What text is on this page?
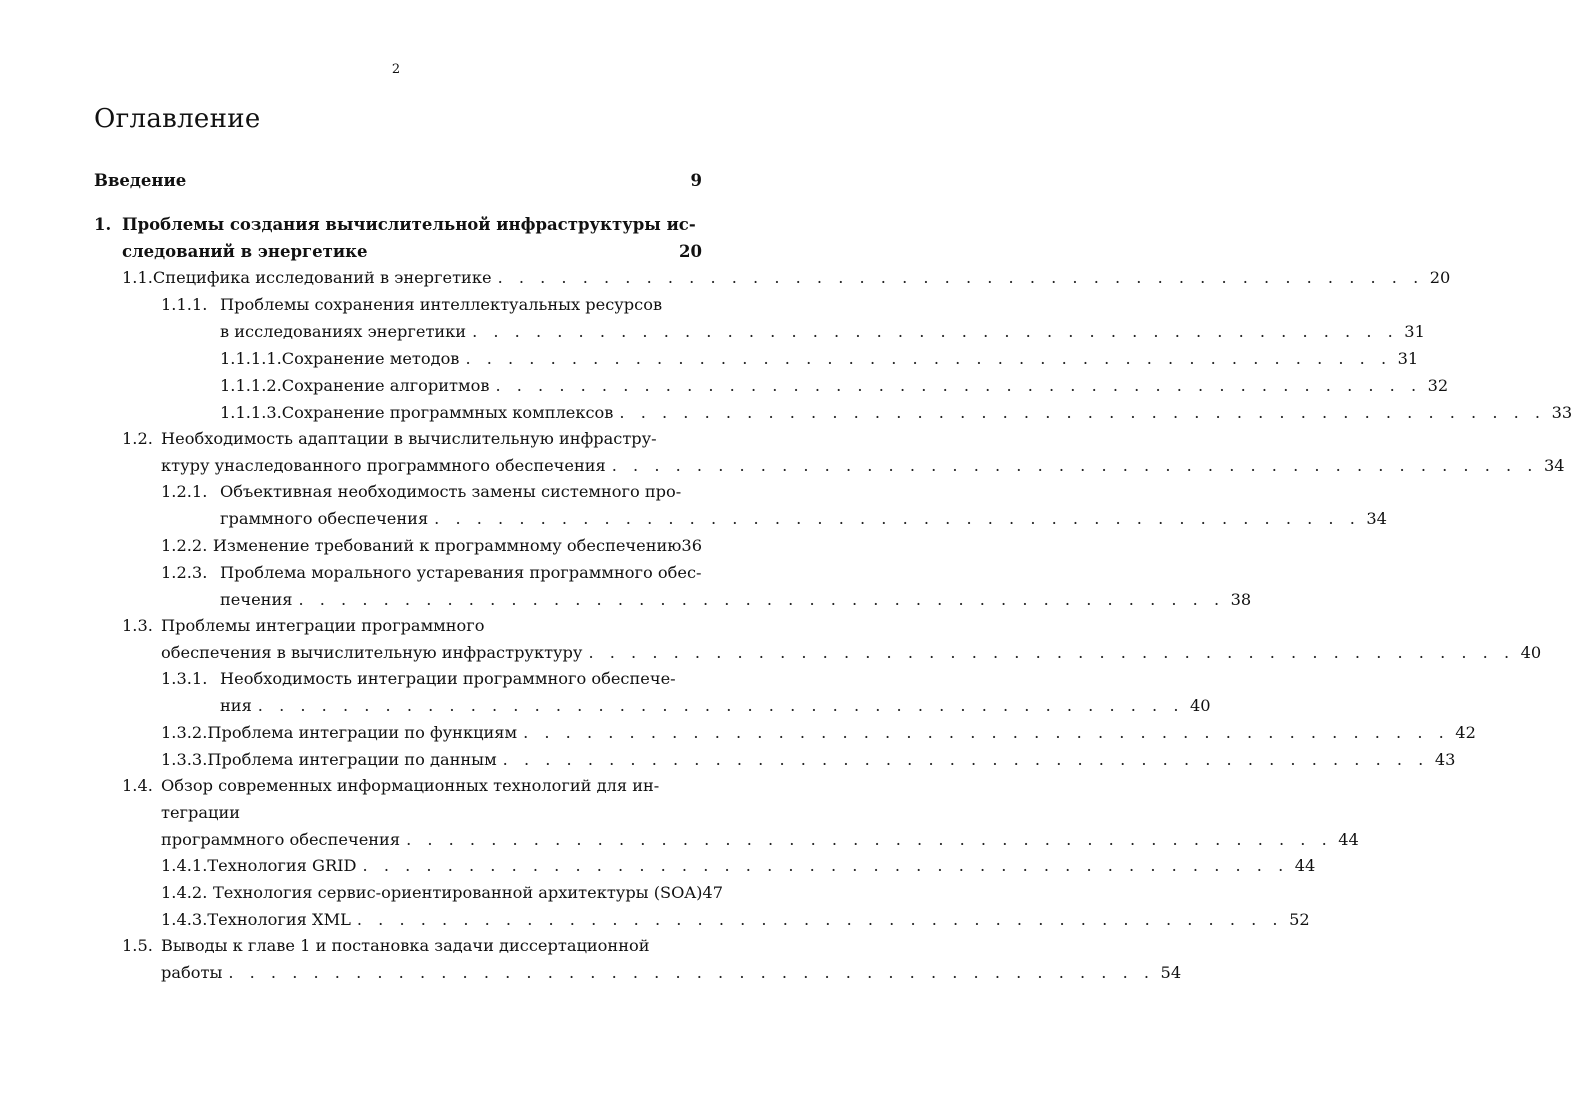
2
Оглавление
Введение	9
1. Проблемы создания вычислительной инфраструктуры ис-
следований в энергетике	20
1.1. Специфика исследований в энергетике . . . . . . . . . . . . . . . . . . . . . . . . . . . . . . . . . . . . . . . . . . . . 20
1.1.1. Проблемы сохранения интеллектуальных ресурсов
в исследованиях энергетики . . . . . . . . . . . . . . . . . . . . . . . . . . . . . . . . . . . . . . . . . . . . 31
1.1.1.1. Сохранение методов . . . . . . . . . . . . . . . . . . . . . . . . . . . . . . . . . . . . . . . . . . . . 31
1.1.1.2. Сохранение алгоритмов . . . . . . . . . . . . . . . . . . . . . . . . . . . . . . . . . . . . . . . . . . . . 32
1.1.1.3. Сохранение программных комплексов . . . . . . . . . . . . . . . . . . . . . . . . . . . . . . . . . . . . . . . . . . . . 33
1.2. Необходимость адаптации в вычислительную инфрастру-
ктуру унаследованного программного обеспечения . . . . . . . . . . . . . . . . . . . . . . . . . . . . . . . . . . . . . . . . . . . . 34
1.2.1. Объективная необходимость замены системного про-
граммного обеспечения . . . . . . . . . . . . . . . . . . . . . . . . . . . . . . . . . . . . . . . . . . . . 34
1.2.2. Изменение требований к программному обеспечению 36
1.2.3. Проблема морального устаревания программного обес-
печения . . . . . . . . . . . . . . . . . . . . . . . . . . . . . . . . . . . . . . . . . . . . 38
1.3. Проблемы интеграции программного
обеспечения в вычислительную инфраструктуру . . . . . . . . . . . . . . . . . . . . . . . . . . . . . . . . . . . . . . . . . . . . 40
1.3.1. Необходимость интеграции программного обеспече-
ния . . . . . . . . . . . . . . . . . . . . . . . . . . . . . . . . . . . . . . . . . . . . 40
1.3.2. Проблема интеграции по функциям . . . . . . . . . . . . . . . . . . . . . . . . . . . . . . . . . . . . . . . . . . . . 42
1.3.3. Проблема интеграции по данным . . . . . . . . . . . . . . . . . . . . . . . . . . . . . . . . . . . . . . . . . . . . 43
1.4. Обзор современных информационных технологий для ин-
теграции
программного обеспечения . . . . . . . . . . . . . . . . . . . . . . . . . . . . . . . . . . . . . . . . . . . . 44
1.4.1. Технология GRID . . . . . . . . . . . . . . . . . . . . . . . . . . . . . . . . . . . . . . . . . . . . 44
1.4.2. Технология сервис-ориентированной архитектуры (SOA) 47
1.4.3. Технология XML . . . . . . . . . . . . . . . . . . . . . . . . . . . . . . . . . . . . . . . . . . . . 52
1.5. Выводы к главе 1 и постановка задачи диссертационной
работы . . . . . . . . . . . . . . . . . . . . . . . . . . . . . . . . . . . . . . . . . . . . 54
